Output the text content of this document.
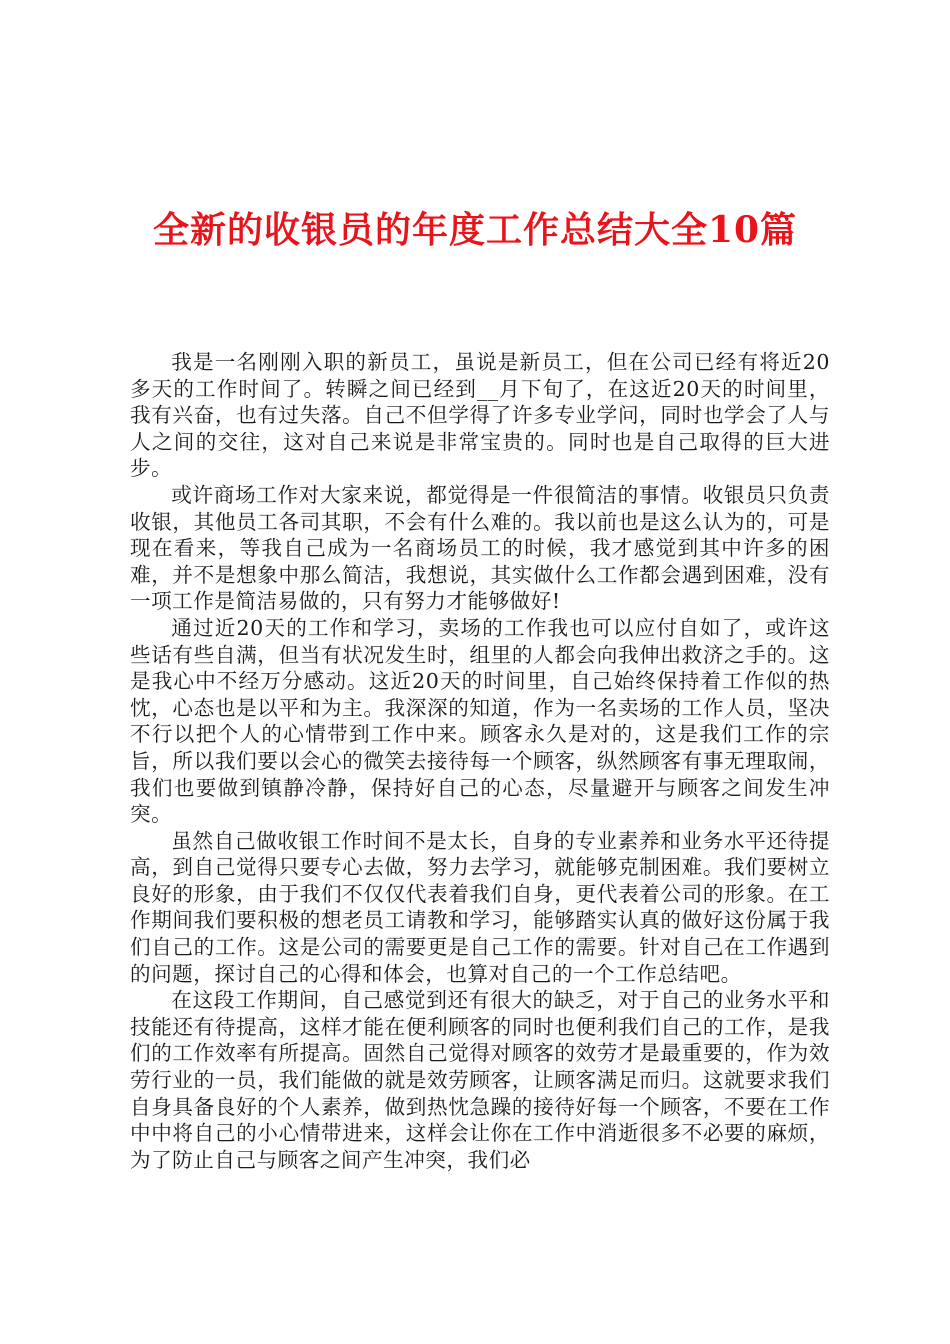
全新的收银员的年度工作总结大全10篇

我是一名刚刚入职的新员工，虽说是新员工，但在公司已经有将近20多天的工作时间了。转瞬之间已经到__月下旬了，在这近20天的时间里，我有兴奋，也有过失落。自己不但学得了许多专业学问，同时也学会了人与人之间的交往，这对自己来说是非常宝贵的。同时也是自己取得的巨大进步。

或许商场工作对大家来说，都觉得是一件很简洁的事情。收银员只负责收银，其他员工各司其职，不会有什么难的。我以前也是这么认为的，可是现在看来，等我自己成为一名商场员工的时候，我才感觉到其中许多的困难，并不是想象中那么简洁，我想说，其实做什么工作都会遇到困难，没有一项工作是简洁易做的，只有努力才能够做好!

通过近20天的工作和学习，卖场的工作我也可以应付自如了，或许这些话有些自满，但当有状况发生时，组里的人都会向我伸出救济之手的。这是我心中不经万分感动。这近20天的时间里，自己始终保持着工作似的热忱，心态也是以平和为主。我深深的知道，作为一名卖场的工作人员，坚决不行以把个人的心情带到工作中来。顾客永久是对的，这是我们工作的宗旨，所以我们要以会心的微笑去接待每一个顾客，纵然顾客有事无理取闹，我们也要做到镇静冷静，保持好自己的心态，尽量避开与顾客之间发生冲突。

虽然自己做收银工作时间不是太长，自身的专业素养和业务水平还待提高，到自己觉得只要专心去做，努力去学习，就能够克制困难。我们要树立良好的形象，由于我们不仅仅代表着我们自身，更代表着公司的形象。在工作期间我们要积极的想老员工请教和学习，能够踏实认真的做好这份属于我们自己的工作。这是公司的需要更是自己工作的需要。针对自己在工作遇到的问题，探讨自己的心得和体会，也算对自己的一个工作总结吧。

在这段工作期间，自己感觉到还有很大的缺乏，对于自己的业务水平和技能还有待提高，这样才能在便利顾客的同时也便利我们自己的工作，是我们的工作效率有所提高。固然自己觉得对顾客的效劳才是最重要的，作为效劳行业的一员，我们能做的就是效劳顾客，让顾客满足而归。这就要求我们自身具备良好的个人素养，做到热忱急躁的接待好每一个顾客，不要在工作中中将自己的小心情带进来，这样会让你在工作中消逝很多不必要的麻烦，为了防止自己与顾客之间产生冲突，我们必
